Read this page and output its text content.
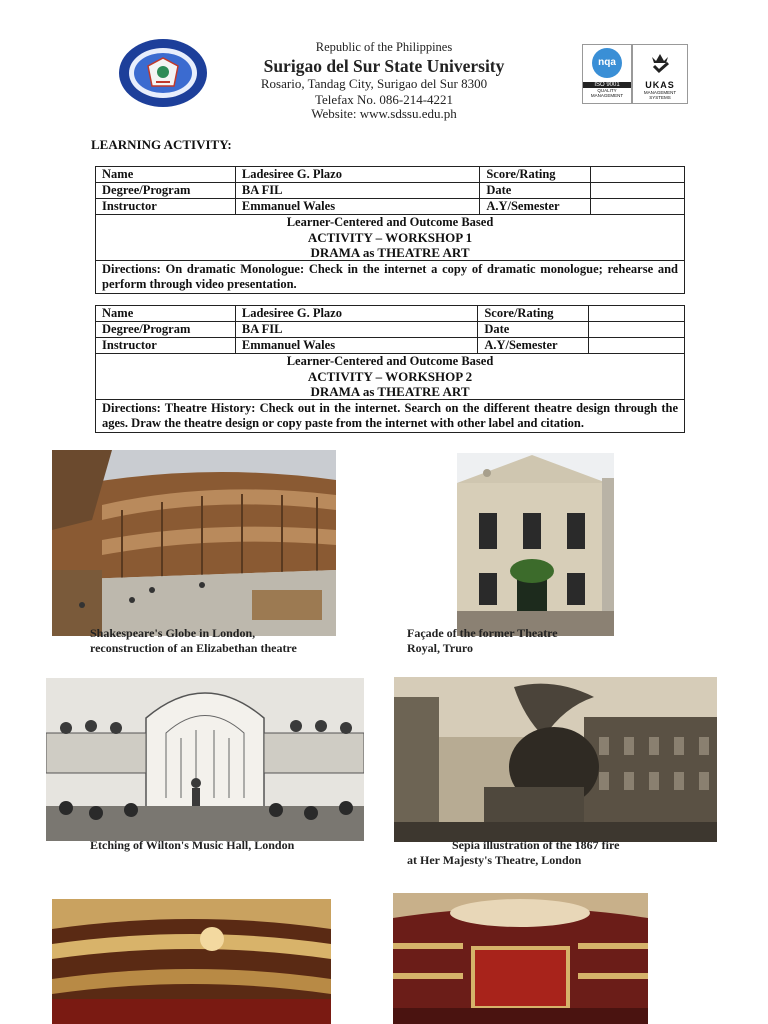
Republic of the Philippines
Surigao del Sur State University
Rosario, Tandag City, Surigao del Sur 8300
Telefax No. 086-214-4221
Website: www.sdssu.edu.ph
nqa
ISO 9001
QUALITY MANAGEMENT
UKAS
MANAGEMENT SYSTEMS
LEARNING ACTIVITY:
Name	Ladesiree G. Plazo	Score/Rating	
Degree/Program	BA FIL	Date	
Instructor	Emmanuel Wales	A.Y/Semester	

Learner-Centered and Outcome Based
ACTIVITY – WORKSHOP 1
DRAMA as THEATRE ART			

Directions: On dramatic Monologue: Check in the internet a copy of dramatic monologue; rehearse and perform through video presentation.			
Name	Ladesiree G. Plazo	Score/Rating	
Degree/Program	BA FIL	Date	
Instructor	Emmanuel Wales	A.Y/Semester	

Learner-Centered and Outcome Based
ACTIVITY – WORKSHOP 2
DRAMA as THEATRE ART			

Directions: Theatre History: Check out in the internet. Search on the different theatre design through the ages. Draw the theatre design or copy paste from the internet with other label and citation.			
Shakespeare's Globe in London,
reconstruction of an Elizabethan theatre
Façade of the former Theatre
Royal, Truro
Etching of Wilton's Music Hall, London	Sepia illustration of the 1867 fire
at Her Majesty's Theatre, London
